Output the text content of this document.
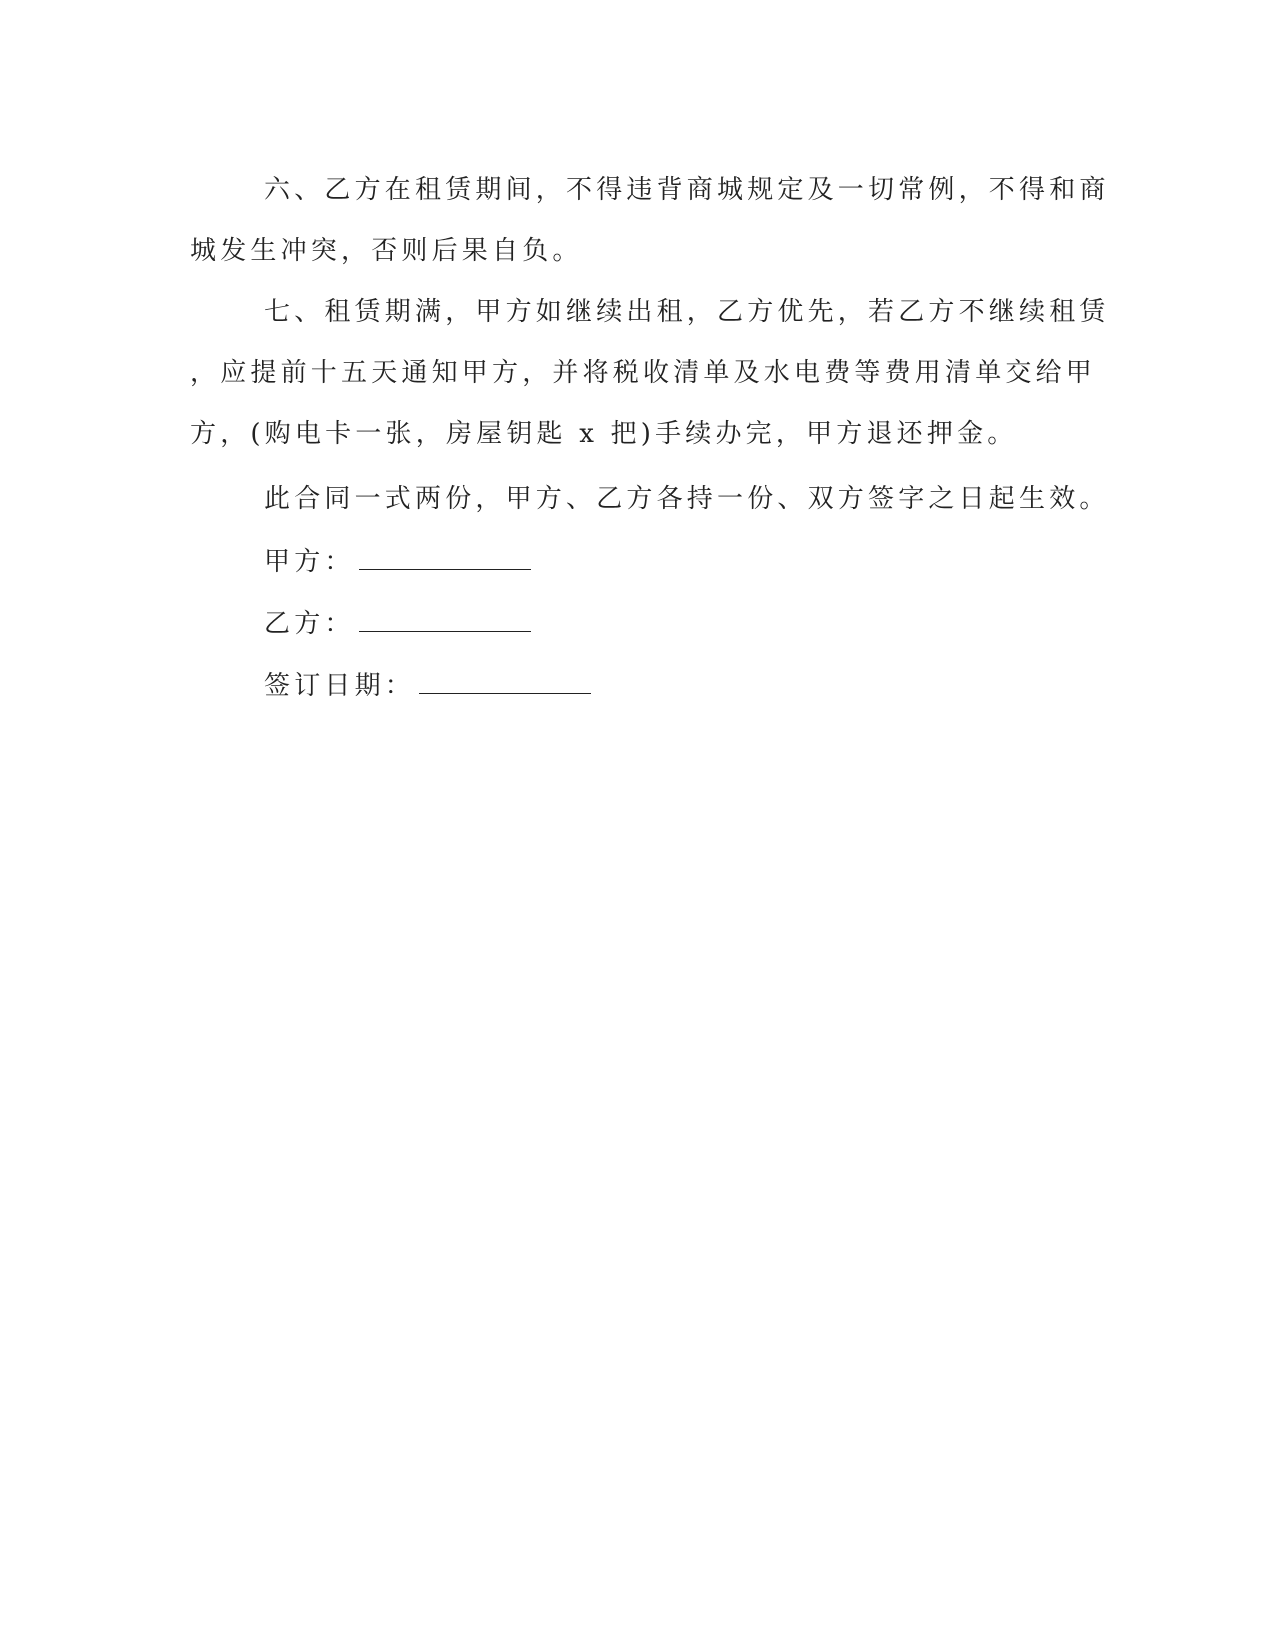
六、乙方在租赁期间，不得违背商城规定及一切常例，不得和商
城发生冲突，否则后果自负。
七、租赁期满，甲方如继续出租，乙方优先，若乙方不继续租赁
，应提前十五天通知甲方，并将税收清单及水电费等费用清单交给甲
方，(购电卡一张，房屋钥匙 x 把)手续办完，甲方退还押金。
此合同一式两份，甲方、乙方各持一份、双方签字之日起生效。
甲方：
乙方：
签订日期：
